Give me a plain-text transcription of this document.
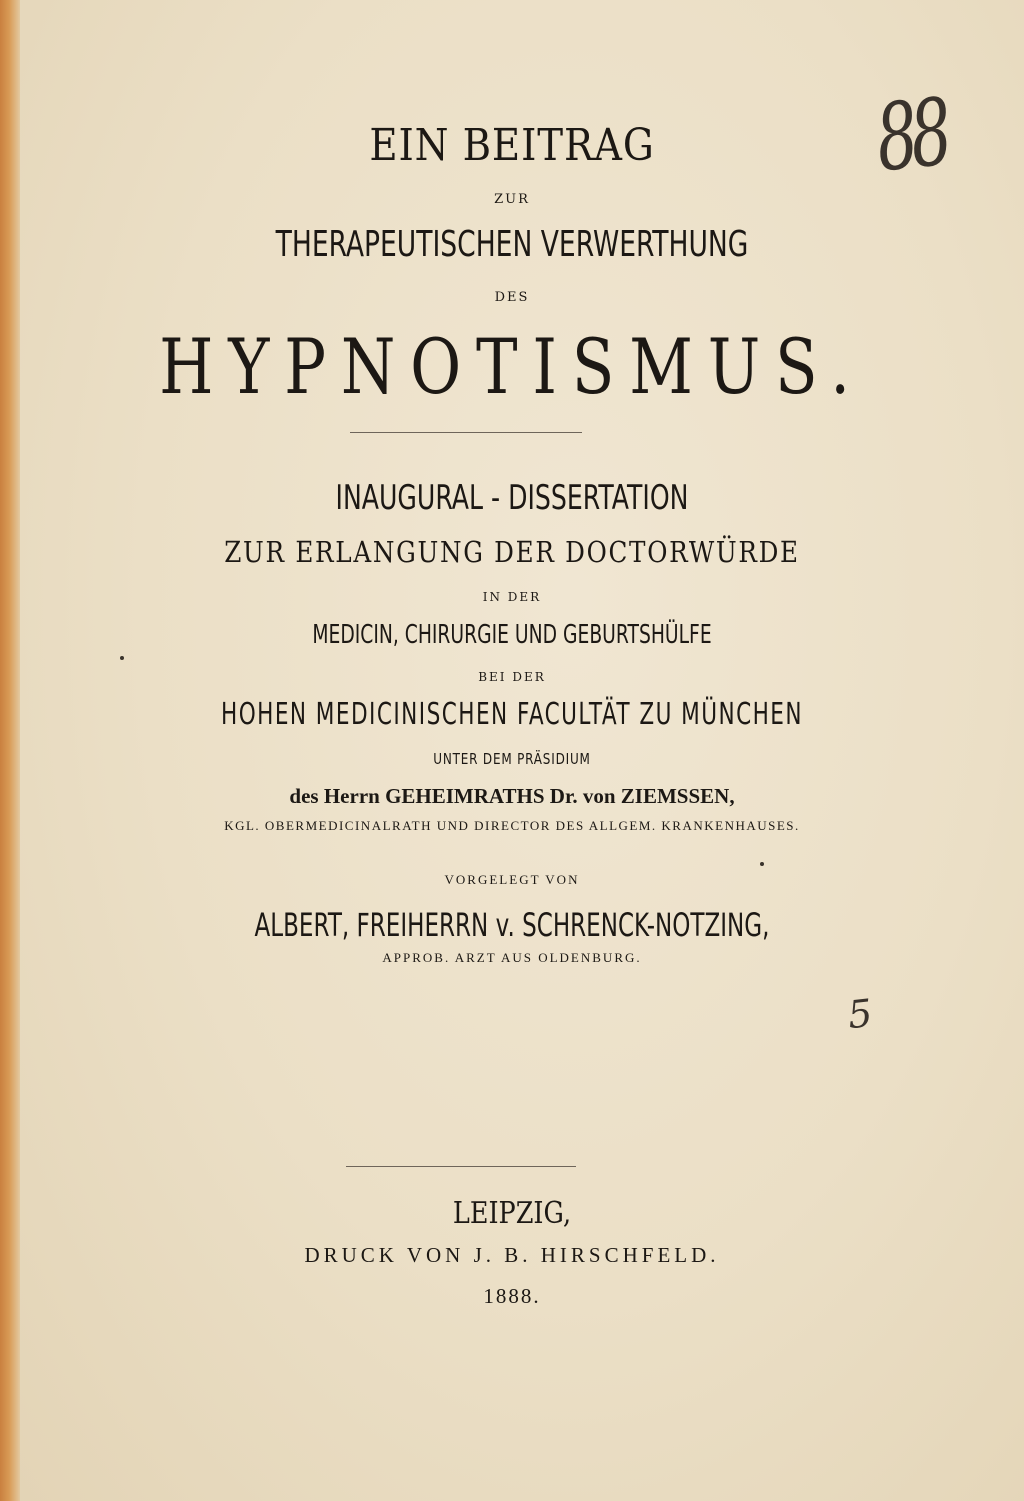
EIN BEITRAG

ZUR

THERAPEUTISCHEN VERWERTHUNG

DES

HYPNOTISMUS.

INAUGURAL - DISSERTATION

ZUR ERLANGUNG DER DOCTORWÜRDE

IN DER

MEDICIN, CHIRURGIE UND GEBURTSHÜLFE

BEI DER

HOHEN MEDICINISCHEN FACULTÄT ZU MÜNCHEN

UNTER DEM PRÄSIDIUM

des Herrn GEHEIMRATHS Dr. von ZIEMSSEN,

KGL. OBERMEDICINALRATH UND DIRECTOR DES ALLGEM. KRANKENHAUSES.

VORGELEGT VON

ALBERT, FREIHERRN v. SCHRENCK-NOTZING,

APPROB. ARZT AUS OLDENBURG.

LEIPZIG,

DRUCK VON J. B. HIRSCHFELD.

1888.

88

5
